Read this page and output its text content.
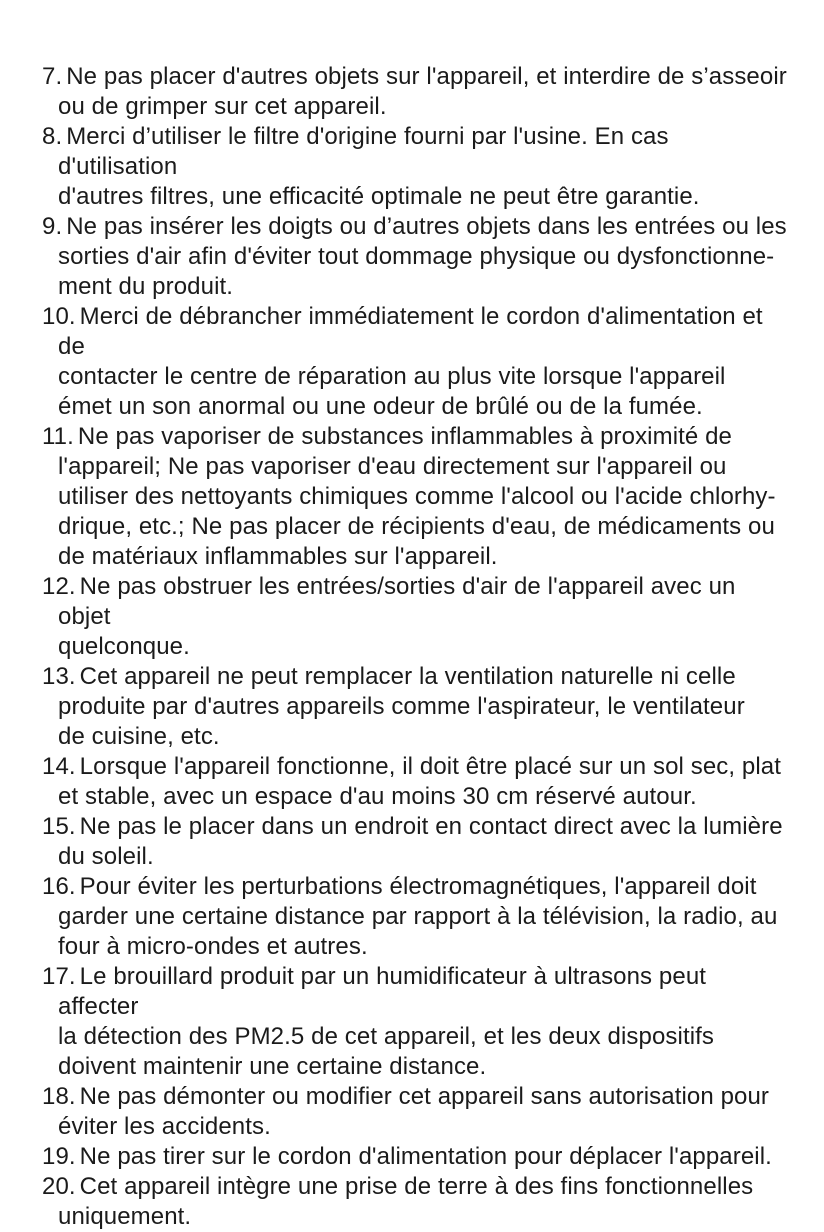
7. Ne pas placer d'autres objets sur l'appareil, et interdire de s’asseoir
ou de grimper sur cet appareil.
8. Merci d’utiliser le filtre d'origine fourni par l'usine. En cas d'utilisation
d'autres filtres, une efficacité optimale ne peut être garantie.
9. Ne pas insérer les doigts ou d’autres objets dans les entrées ou les
sorties d'air afin d'éviter tout dommage physique ou dysfonctionne-
ment du produit.
10. Merci de débrancher immédiatement le cordon d'alimentation et de
contacter le centre de réparation au plus vite lorsque l'appareil
émet un son anormal ou une odeur de brûlé ou de la fumée.
11. Ne pas vaporiser de substances inflammables à proximité de
l'appareil; Ne pas vaporiser d'eau directement sur l'appareil ou
utiliser des nettoyants chimiques comme l'alcool ou l'acide chlorhy-
drique, etc.; Ne pas placer de récipients d'eau, de médicaments ou
de matériaux inflammables sur l'appareil.
12. Ne pas obstruer les entrées/sorties d'air de l'appareil avec un objet
quelconque.
13. Cet appareil ne peut remplacer la ventilation naturelle ni celle
produite par d'autres appareils comme l'aspirateur, le ventilateur
de cuisine, etc.
14. Lorsque l'appareil fonctionne, il doit être placé sur un sol sec, plat
et stable, avec un espace d'au moins 30 cm réservé autour.
15. Ne pas le placer dans un endroit en contact direct avec la lumière
du soleil.
16. Pour éviter les perturbations électromagnétiques, l'appareil doit
garder une certaine distance par rapport à la télévision, la radio, au
four à micro-ondes et autres.
17. Le brouillard produit par un humidificateur à ultrasons peut affecter
la détection des PM2.5 de cet appareil, et les deux dispositifs
doivent maintenir une certaine distance.
18. Ne pas démonter ou modifier cet appareil sans autorisation pour
éviter les accidents.
19. Ne pas tirer sur le cordon d'alimentation pour déplacer l'appareil.
20. Cet appareil intègre une prise de terre à des fins fonctionnelles
uniquement.
